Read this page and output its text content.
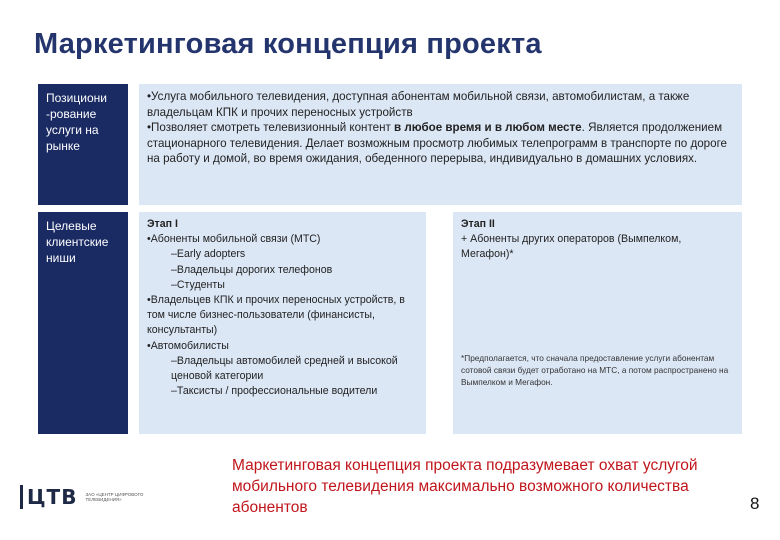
Маркетинговая концепция проекта
Позициони -рование услуги на рынке

•Услуга мобильного телевидения, доступная абонентам мобильной связи, автомобилистам, а также владельцам КПК и прочих переносных устройств

•Позволяет смотреть телевизионный контент в любое время и в любом месте. Является продолжением стационарного телевидения. Делает возможным просмотр любимых телепрограмм в транспорте по дороге на работу и домой, во время ожидания, обеденного перерыва, индивидуально в домашних условиях.

Целевые клиентские ниши
Этап I
•Абоненты мобильной связи (МТС)
–Early adopters
–Владельцы дорогих телефонов
–Студенты
•Владельцев КПК и прочих переносных устройств, в том числе бизнес-пользователи (финансисты, консультанты)
•Автомобилисты
–Владельцы автомобилей средней и высокой ценовой категории
–Таксисты / профессиональные водители
Этап II
+ Абоненты других операторов (Вымпелком, Мегафон)*
*Предполагается, что сначала предоставление услуги абонентам сотовой связи будет отработано на МТС, а потом распространено на Вымпелком и Мегафон.
Маркетинговая концепция проекта подразумевает охват услугой мобильного телевидения максимально возможного количества абонентов
ЦТВ ЗАО «ЦЕНТР ЦИФРОВОГО ТЕЛЕВИДЕНИЯ»	8
